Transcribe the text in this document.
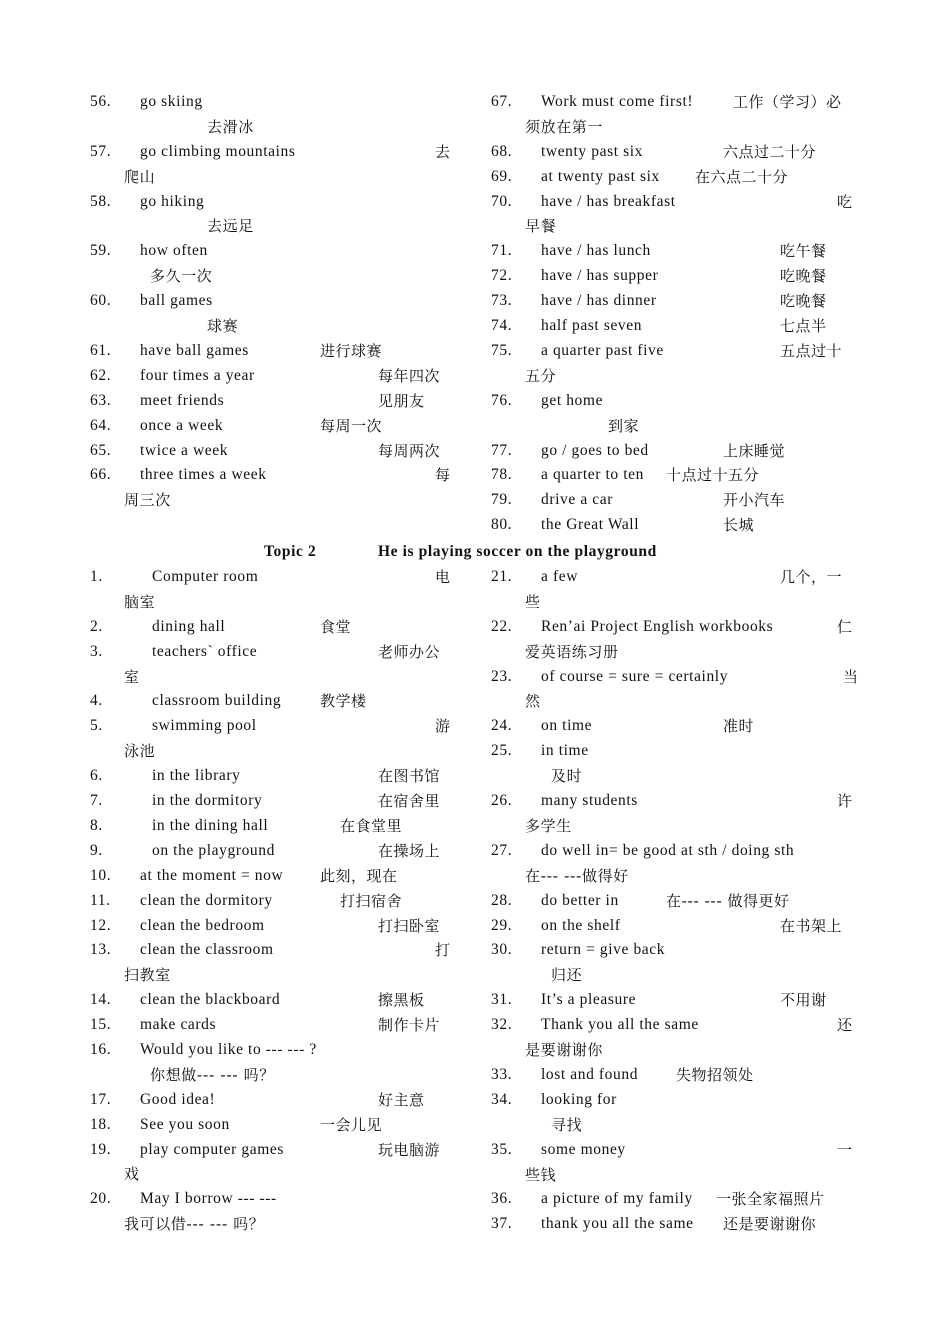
56. go skiing
去滑冰
57. go climbing mountains	去
爬山
58. go hiking
去远足
59. how often
多久一次
60. ball games
球赛
61. have ball games	进行球赛
62. four times a year	每年四次
63. meet friends	见朋友
64. once a week	每周一次
65. twice a week	每周两次
66. three times a week	每
周三次
67. Work must come first!	工作（学习）必
须放在第一
68. twenty past six	六点过二十分
69. at twenty past six 在六点二十分
70. have / has breakfast	吃
早餐
71. have / has lunch	吃午餐
72. have / has supper	吃晚餐
73. have / has dinner	吃晚餐
74. half past seven	七点半
75. a quarter past five	五点过十
五分
76. get home
到家
77. go / goes to bed	上床睡觉
78. a quarter to ten 十点过十五分
79. drive a car	开小汽车
80. the Great Wall	长城
Topic 2	He is playing soccer on the playground
1.	Computer room	电
脑室
2.	dining hall	食堂
3.	teachers` office	老师办公
室
4.	classroom building	教学楼
5.	swimming pool	游
泳池
6.	in the library	在图书馆
7.	in the dormitory	在宿舍里
8.	in the dining hall	在食堂里
9.	on the playground	在操场上
10. at the moment = now 此刻，现在
11. clean the dormitory	打扫宿舍
12. clean the bedroom	打扫卧室
13. clean the classroom	打
扫教室
14. clean the blackboard	擦黑板
15. make cards	制作卡片
16. Would you like to --- --- ?
你想做--- --- 吗？
17. Good idea!	好主意
18. See you soon	一会儿见
19. play computer games	玩电脑游
戏
20. May I borrow --- ---
我可以借--- --- 吗？
21. a few	几个，一
些
22. Ren’ai Project English workbooks	仁
爱英语练习册
23. of course = sure = certainly	当
然
24. on time	准时
25. in time
及时
26. many students	许
多学生
27. do well in= be good at sth / doing sth
在--- ---做得好
28. do better in	在--- --- 做得更好
29. on the shelf	在书架上
30. return = give back
归还
31. It’s a pleasure	不用谢
32. Thank you all the same	还
是要谢谢你
33. lost and found	失物招领处
34. looking for
寻找
35. some money	一
些钱
36. a picture of my family 一张全家福照片
37. thank you all the same 还是要谢谢你
